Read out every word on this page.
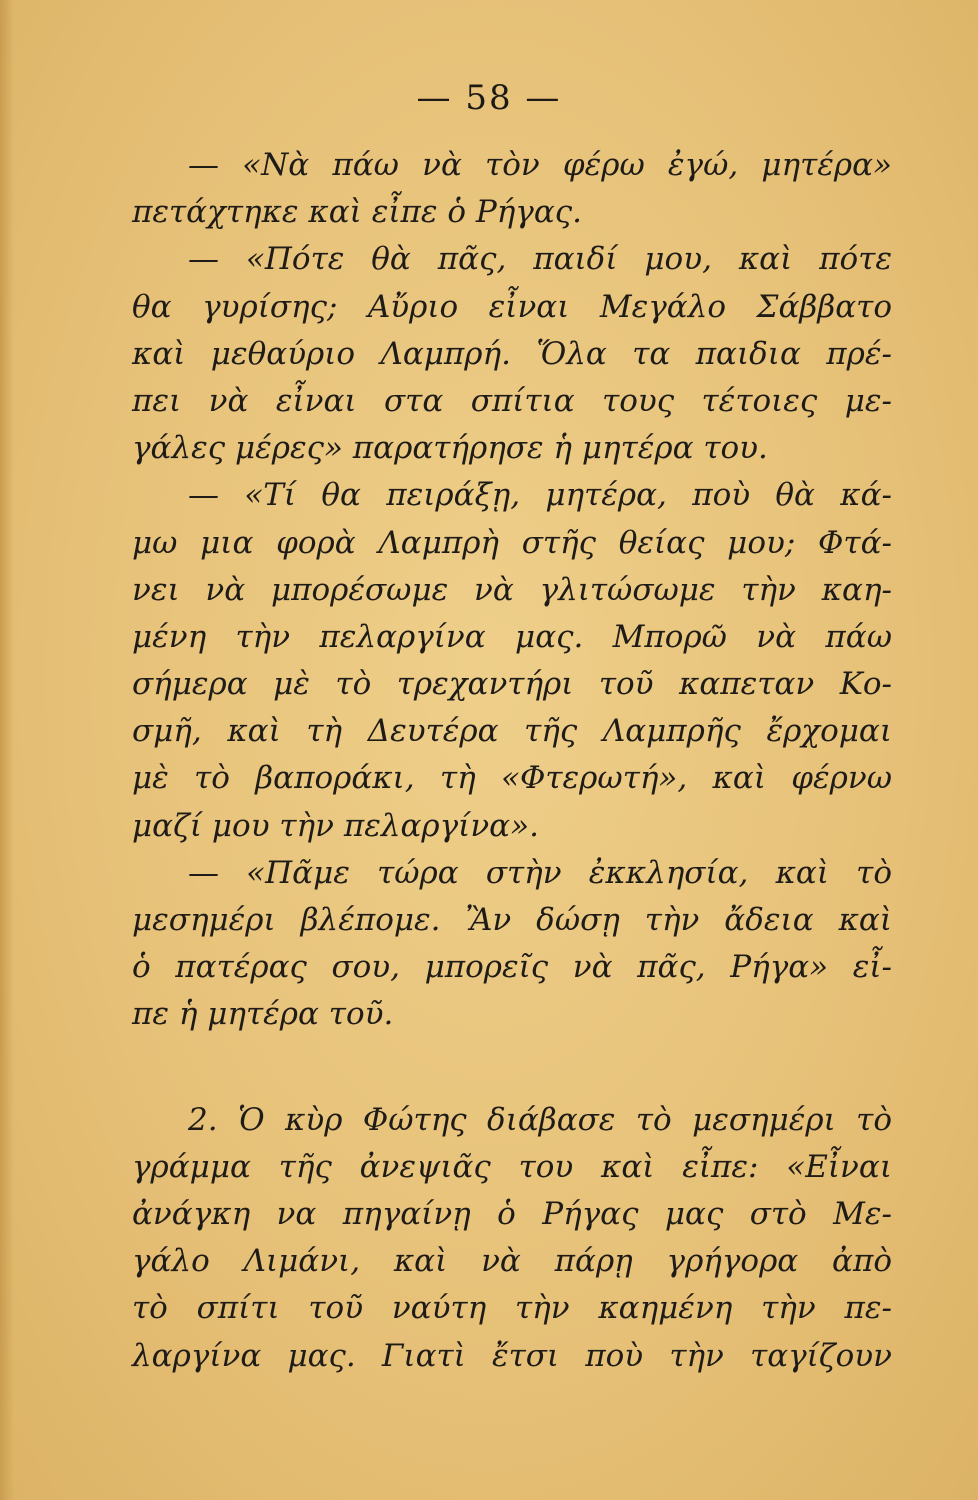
— 58 —
— «Νὰ πάω νὰ τὸν φέρω ἐγώ, μητέρα»
πετάχτηκε καὶ εἶπε ὁ Ρήγας.
— «Πότε θὰ πᾶς, παιδί μου, καὶ πότε
θα γυρίσης; Αὔριο εἶναι Μεγάλο Σάββατο
καὶ μεθαύριο Λαμπρή. Ὅλα τα παιδια πρέ-
πει νὰ εἶναι στα σπίτια τους τέτοιες με-
γάλες μέρες» παρατήρησε ἡ μητέρα του.
— «Τί θα πειράξῃ, μητέρα, ποὺ θὰ κά-
μω μια φορὰ Λαμπρὴ στῆς θείας μου; Φτά-
νει νὰ μπορέσωμε νὰ γλιτώσωμε τὴν καη-
μένη τὴν πελαργίνα μας. Μπορῶ νὰ πάω
σήμερα μὲ τὸ τρεχαντήρι τοῦ καπεταν Κο-
σμῆ, καὶ τὴ Δευτέρα τῆς Λαμπρῆς ἔρχομαι
μὲ τὸ βαποράκι, τὴ «Φτερωτή», καὶ φέρνω
μαζί μου τὴν πελαργίνα».
— «Πᾶμε τώρα στὴν ἐκκλησία, καὶ τὸ
μεσημέρι βλέπομε. Ἂν δώσῃ τὴν ἄδεια καὶ
ὁ πατέρας σου, μπορεῖς νὰ πᾶς, Ρήγα» εἶ-
πε ἡ μητέρα τοῦ.
2. Ὁ κὺρ Φώτης διάβασε τὸ μεσημέρι τὸ
γράμμα τῆς ἀνεψιᾶς του καὶ εἶπε: «Εἶναι
ἀνάγκη να πηγαίνῃ ὁ Ρήγας μας στὸ Με-
γάλο Λιμάνι, καὶ νὰ πάρῃ γρήγορα ἀπὸ
τὸ σπίτι τοῦ ναύτη τὴν καημένη τὴν πε-
λαργίνα μας. Γιατὶ ἔτσι ποὺ τὴν ταγίζουν
